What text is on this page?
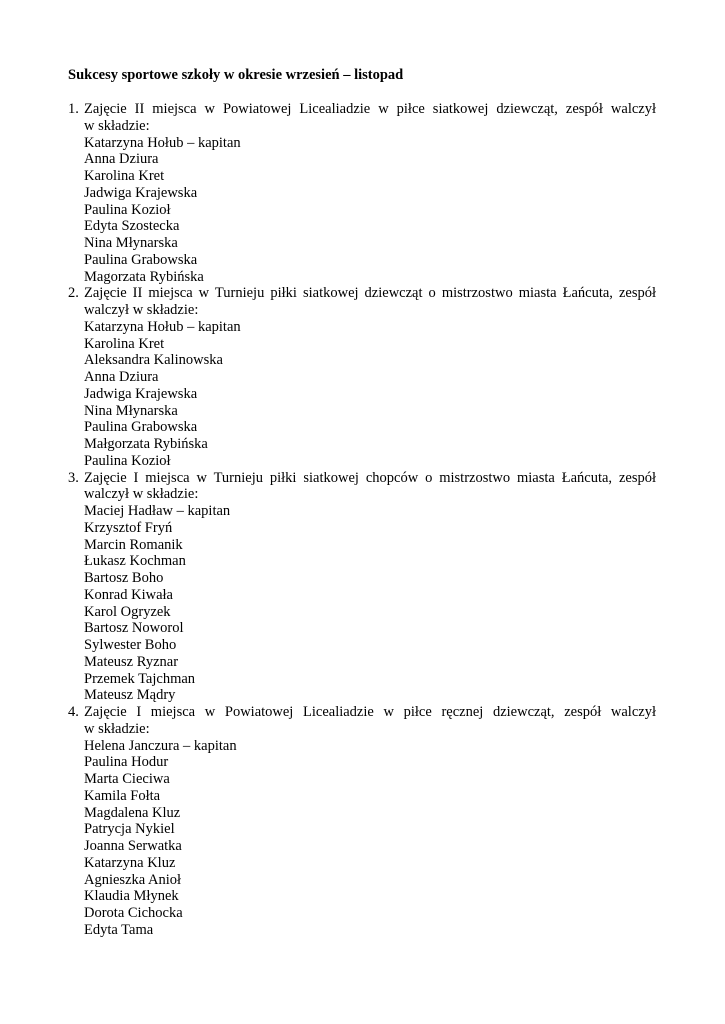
Sukcesy sportowe szkoły w okresie wrzesień – listopad
1. Zajęcie II miejsca w Powiatowej Licealiadzie w piłce siatkowej dziewcząt, zespół walczył
w składzie:
Katarzyna Hołub – kapitan
Anna Dziura
Karolina Kret
Jadwiga Krajewska
Paulina Kozioł
Edyta Szostecka
Nina Młynarska
Paulina Grabowska
Magorzata Rybińska
2. Zajęcie II miejsca w Turnieju piłki siatkowej dziewcząt o mistrzostwo miasta Łańcuta, zespół
walczył w składzie:
Katarzyna Hołub – kapitan
Karolina Kret
Aleksandra Kalinowska
Anna Dziura
Jadwiga Krajewska
Nina Młynarska
Paulina Grabowska
Małgorzata Rybińska
Paulina Kozioł
3. Zajęcie I miejsca w Turnieju piłki siatkowej chopców o mistrzostwo miasta Łańcuta, zespół
walczył w składzie:
Maciej Hadław – kapitan
Krzysztof Fryń
Marcin Romanik
Łukasz Kochman
Bartosz Boho
Konrad Kiwała
Karol Ogryzek
Bartosz Noworol
Sylwester Boho
Mateusz Ryznar
Przemek Tajchman
Mateusz Mądry
4. Zajęcie I miejsca w Powiatowej Licealiadzie w piłce ręcznej dziewcząt, zespół walczył
w składzie:
Helena Janczura – kapitan
Paulina Hodur
Marta Cieciwa
Kamila Fołta
Magdalena Kluz
Patrycja Nykiel
Joanna Serwatka
Katarzyna Kluz
Agnieszka Anioł
Klaudia Młynek
Dorota Cichocka
Edyta Tama
